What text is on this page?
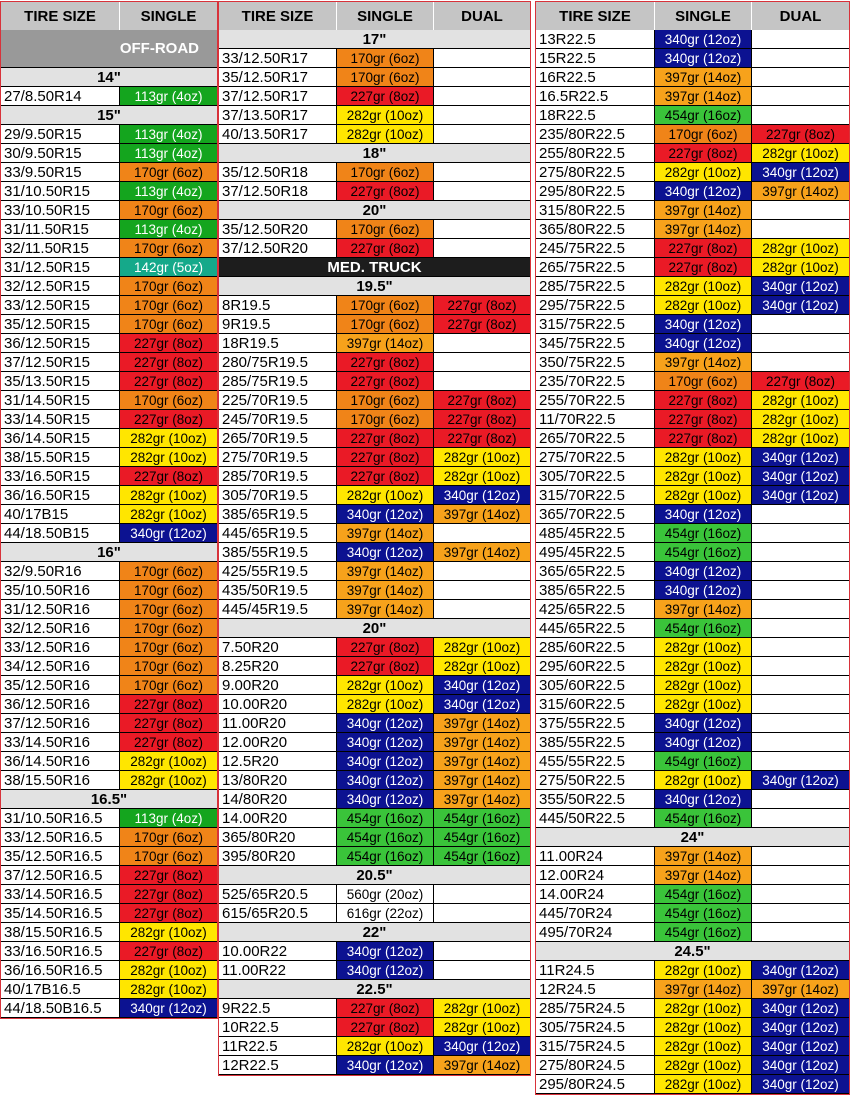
TIRE SIZE	SINGLE
OFF-ROAD
14"
27/8.50R14	113gr (4oz)
15"
29/9.50R15	113gr (4oz)
30/9.50R15	113gr (4oz)
33/9.50R15	170gr (6oz)
31/10.50R15	113gr (4oz)
33/10.50R15	170gr (6oz)
31/11.50R15	113gr (4oz)
32/11.50R15	170gr (6oz)
31/12.50R15	142gr (5oz)
32/12.50R15	170gr (6oz)
33/12.50R15	170gr (6oz)
35/12.50R15	170gr (6oz)
36/12.50R15	227gr (8oz)
37/12.50R15	227gr (8oz)
35/13.50R15	227gr (8oz)
31/14.50R15	170gr (6oz)
33/14.50R15	227gr (8oz)
36/14.50R15	282gr (10oz)
38/15.50R15	282gr (10oz)
33/16.50R15	227gr (8oz)
36/16.50R15	282gr (10oz)
40/17B15	282gr (10oz)
44/18.50B15	340gr (12oz)
16"
32/9.50R16	170gr (6oz)
35/10.50R16	170gr (6oz)
31/12.50R16	170gr (6oz)
32/12.50R16	170gr (6oz)
33/12.50R16	170gr (6oz)
34/12.50R16	170gr (6oz)
35/12.50R16	170gr (6oz)
36/12.50R16	227gr (8oz)
37/12.50R16	227gr (8oz)
33/14.50R16	227gr (8oz)
36/14.50R16	282gr (10oz)
38/15.50R16	282gr (10oz)
16.5"
31/10.50R16.5	113gr (4oz)
33/12.50R16.5	170gr (6oz)
35/12.50R16.5	170gr (6oz)
37/12.50R16.5	227gr (8oz)
33/14.50R16.5	227gr (8oz)
35/14.50R16.5	227gr (8oz)
38/15.50R16.5	282gr (10oz)
33/16.50R16.5	227gr (8oz)
36/16.50R16.5	282gr (10oz)
40/17B16.5	282gr (10oz)
44/18.50B16.5	340gr (12oz)
TIRE SIZE	SINGLE	DUAL
17"
33/12.50R17	170gr (6oz)
35/12.50R17	170gr (6oz)
37/12.50R17	227gr (8oz)
37/13.50R17	282gr (10oz)
40/13.50R17	282gr (10oz)
18"
35/12.50R18	170gr (6oz)
37/12.50R18	227gr (8oz)
20"
35/12.50R20	170gr (6oz)
37/12.50R20	227gr (8oz)
MED. TRUCK
19.5"
8R19.5	170gr (6oz)	227gr (8oz)
9R19.5	170gr (6oz)	227gr (8oz)
18R19.5	397gr (14oz)
280/75R19.5	227gr (8oz)
285/75R19.5	227gr (8oz)
225/70R19.5	170gr (6oz)	227gr (8oz)
245/70R19.5	170gr (6oz)	227gr (8oz)
265/70R19.5	227gr (8oz)	227gr (8oz)
275/70R19.5	227gr (8oz)	282gr (10oz)
285/70R19.5	227gr (8oz)	282gr (10oz)
305/70R19.5	282gr (10oz)	340gr (12oz)
385/65R19.5	340gr (12oz)	397gr (14oz)
445/65R19.5	397gr (14oz)
385/55R19.5	340gr (12oz)	397gr (14oz)
425/55R19.5	397gr (14oz)
435/50R19.5	397gr (14oz)
445/45R19.5	397gr (14oz)
20"
7.50R20	227gr (8oz)	282gr (10oz)
8.25R20	227gr (8oz)	282gr (10oz)
9.00R20	282gr (10oz)	340gr (12oz)
10.00R20	282gr (10oz)	340gr (12oz)
11.00R20	340gr (12oz)	397gr (14oz)
12.00R20	340gr (12oz)	397gr (14oz)
12.5R20	340gr (12oz)	397gr (14oz)
13/80R20	340gr (12oz)	397gr (14oz)
14/80R20	340gr (12oz)	397gr (14oz)
14.00R20	454gr (16oz)	454gr (16oz)
365/80R20	454gr (16oz)	454gr (16oz)
395/80R20	454gr (16oz)	454gr (16oz)
20.5"
525/65R20.5	560gr (20oz)
615/65R20.5	616gr (22oz)
22"
10.00R22	340gr (12oz)
11.00R22	340gr (12oz)
22.5"
9R22.5	227gr (8oz)	282gr (10oz)
10R22.5	227gr (8oz)	282gr (10oz)
11R22.5	282gr (10oz)	340gr (12oz)
12R22.5	340gr (12oz)	397gr (14oz)
TIRE SIZE	SINGLE	DUAL
13R22.5	340gr (12oz)
15R22.5	340gr (12oz)
16R22.5	397gr (14oz)
16.5R22.5	397gr (14oz)
18R22.5	454gr (16oz)
235/80R22.5	170gr (6oz)	227gr (8oz)
255/80R22.5	227gr (8oz)	282gr (10oz)
275/80R22.5	282gr (10oz)	340gr (12oz)
295/80R22.5	340gr (12oz)	397gr (14oz)
315/80R22.5	397gr (14oz)
365/80R22.5	397gr (14oz)
245/75R22.5	227gr (8oz)	282gr (10oz)
265/75R22.5	227gr (8oz)	282gr (10oz)
285/75R22.5	282gr (10oz)	340gr (12oz)
295/75R22.5	282gr (10oz)	340gr (12oz)
315/75R22.5	340gr (12oz)
345/75R22.5	340gr (12oz)
350/75R22.5	397gr (14oz)
235/70R22.5	170gr (6oz)	227gr (8oz)
255/70R22.5	227gr (8oz)	282gr (10oz)
11/70R22.5	227gr (8oz)	282gr (10oz)
265/70R22.5	227gr (8oz)	282gr (10oz)
275/70R22.5	282gr (10oz)	340gr (12oz)
305/70R22.5	282gr (10oz)	340gr (12oz)
315/70R22.5	282gr (10oz)	340gr (12oz)
365/70R22.5	340gr (12oz)
485/45R22.5	454gr (16oz)
495/45R22.5	454gr (16oz)
365/65R22.5	340gr (12oz)
385/65R22.5	340gr (12oz)
425/65R22.5	397gr (14oz)
445/65R22.5	454gr (16oz)
285/60R22.5	282gr (10oz)
295/60R22.5	282gr (10oz)
305/60R22.5	282gr (10oz)
315/60R22.5	282gr (10oz)
375/55R22.5	340gr (12oz)
385/55R22.5	340gr (12oz)
455/55R22.5	454gr (16oz)
275/50R22.5	282gr (10oz)	340gr (12oz)
355/50R22.5	340gr (12oz)
445/50R22.5	454gr (16oz)
24"
11.00R24	397gr (14oz)
12.00R24	397gr (14oz)
14.00R24	454gr (16oz)
445/70R24	454gr (16oz)
495/70R24	454gr (16oz)
24.5"
11R24.5	282gr (10oz)	340gr (12oz)
12R24.5	397gr (14oz)	397gr (14oz)
285/75R24.5	282gr (10oz)	340gr (12oz)
305/75R24.5	282gr (10oz)	340gr (12oz)
315/75R24.5	282gr (10oz)	340gr (12oz)
275/80R24.5	282gr (10oz)	340gr (12oz)
295/80R24.5	282gr (10oz)	340gr (12oz)
